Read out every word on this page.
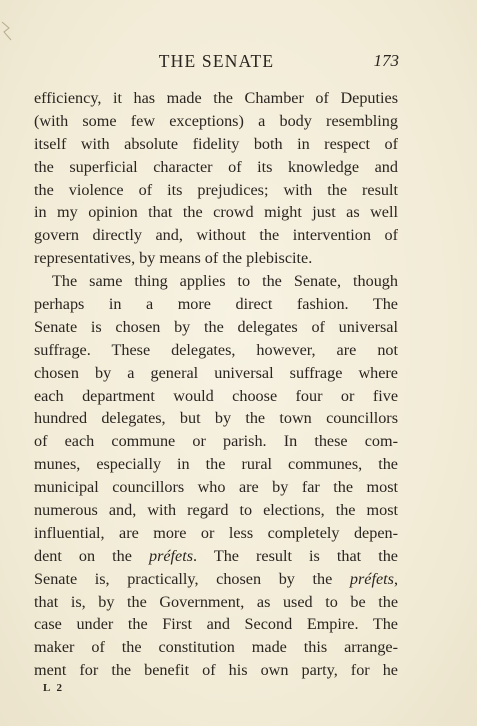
THE SENATE	173
efficiency, it has made the Chamber of Deputies
(with some few exceptions) a body resembling
itself with absolute fidelity both in respect of
the superficial character of its knowledge and
the violence of its prejudices; with the result
in my opinion that the crowd might just as well
govern directly and, without the intervention of
representatives, by means of the plebiscite.
The same thing applies to the Senate, though
perhaps in a more direct fashion. The
Senate is chosen by the delegates of universal
suffrage. These delegates, however, are not
chosen by a general universal suffrage where
each department would choose four or five
hundred delegates, but by the town councillors
of each commune or parish. In these com-
munes, especially in the rural communes, the
municipal councillors who are by far the most
numerous and, with regard to elections, the most
influential, are more or less completely depen-
dent on the préfets. The result is that the
Senate is, practically, chosen by the préfets,
that is, by the Government, as used to be the
case under the First and Second Empire. The
maker of the constitution made this arrange-
ment for the benefit of his own party, for he
L 2
